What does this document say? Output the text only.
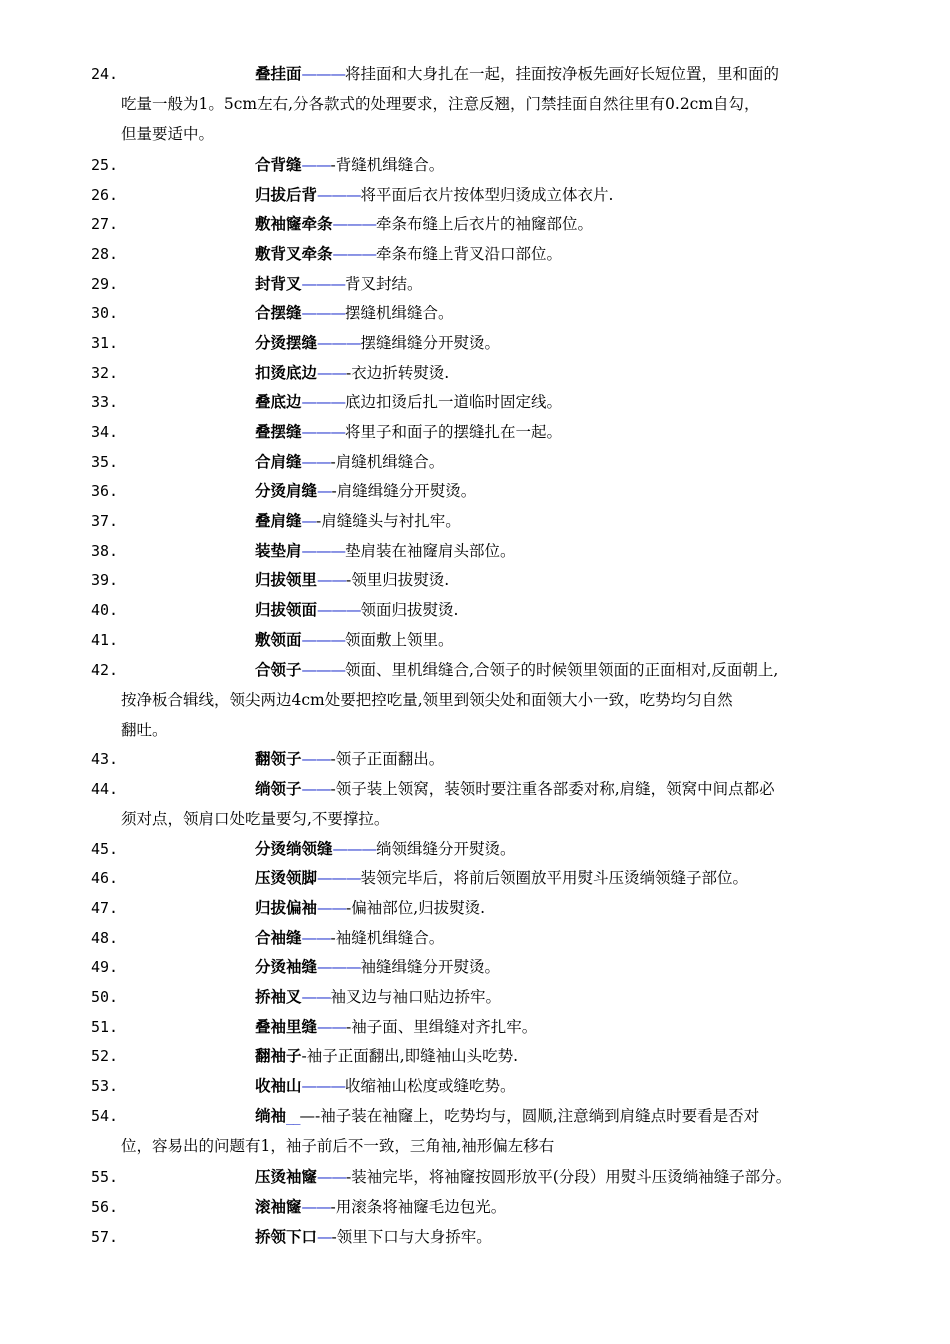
24.	叠挂面———将挂面和大身扎在一起，挂面按净板先画好长短位置，里和面的
吃量一般为1。5cm左右,分各款式的处理要求，注意反翘，门禁挂面自然往里有0.2cm自勾，
但量要适中。
25.	合背缝——-背缝机缉缝合。
26.	归拔后背———将平面后衣片按体型归烫成立体衣片.
27.	敷袖窿牵条———牵条布缝上后衣片的袖窿部位。
28.	敷背叉牵条———牵条布缝上背叉沿口部位。
29.	封背叉———背叉封结。
30.	合摆缝———摆缝机缉缝合。
31.	分烫摆缝———摆缝缉缝分开熨烫。
32.	扣烫底边——-衣边折转熨烫.
33.	叠底边———底边扣烫后扎一道临时固定线。
34.	叠摆缝———将里子和面子的摆缝扎在一起。
35.	合肩缝——-肩缝机缉缝合。
36.	分烫肩缝—-肩缝缉缝分开熨烫。
37.	叠肩缝—-肩缝缝头与衬扎牢。
38.	装垫肩———垫肩装在袖窿肩头部位。
39.	归拔领里——-领里归拔熨烫.
40.	归拔领面———领面归拔熨烫.
41.	敷领面———领面敷上领里。
42.	合领子———领面、里机缉缝合,合领子的时候领里领面的正面相对,反面朝上,
按净板合辑线，领尖两边4cm处要把控吃量,领里到领尖处和面领大小一致，吃势均匀自然
翻吐。
43.	翻领子——-领子正面翻出。
44.	绱领子——-领子装上领窝，装领时要注重各部委对称,肩缝，领窝中间点都必
须对点，领肩口处吃量要匀,不要撑拉。
45.	分烫绱领缝———绱领缉缝分开熨烫。
46.	压烫领脚———装领完毕后，将前后领圈放平用熨斗压烫绱领缝子部位。
47.	归拔偏袖——-偏袖部位,归拔熨烫.
48.	合袖缝——-袖缝机缉缝合。
49.	分烫袖缝———袖缝缉缝分开熨烫。
50.	挢袖叉——袖叉边与袖口贴边挢牢。
51.	叠袖里缝——-袖子面、里缉缝对齐扎牢。
52.	翻袖子-袖子正面翻出,即缝袖山头吃势.
53.	收袖山———收缩袖山松度或缝吃势。
54.	绱袖__—-袖子装在袖窿上，吃势均与，圆顺,注意绱到肩缝点时要看是否对
位，容易出的问题有1，袖子前后不一致，三角袖,袖形偏左移右
55.	压烫袖窿——-装袖完毕，将袖窿按圆形放平(分段）用熨斗压烫绱袖缝子部分。
56.	滚袖窿——-用滚条将袖窿毛边包光。
57.	挢领下口—-领里下口与大身挢牢。
